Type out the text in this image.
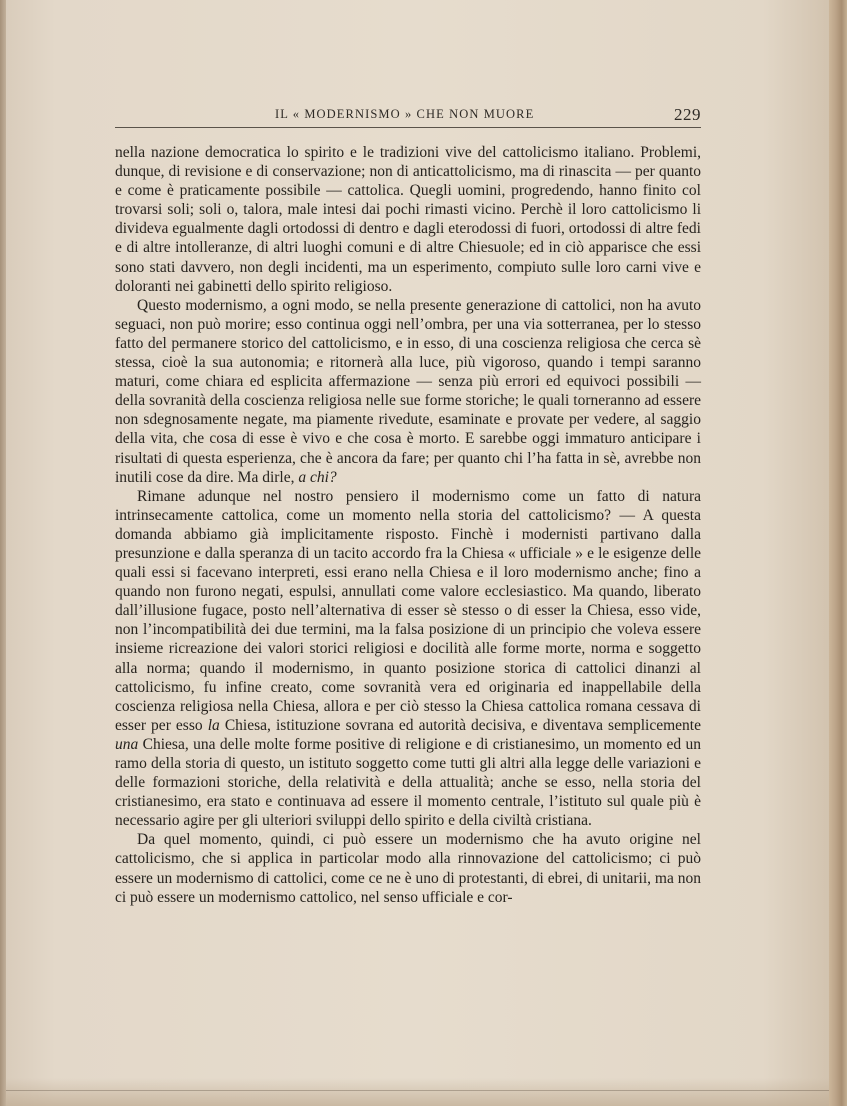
IL « MODERNISMO » CHE NON MUORE	229

nella nazione democratica lo spirito e le tradizioni vive del cattolicismo italiano. Problemi, dunque, di revisione e di conservazione; non di anticattolicismo, ma di rinascita — per quanto e come è praticamente possibile — cattolica. Quegli uomini, progredendo, hanno finito col trovarsi soli; soli o, talora, male intesi dai pochi rimasti vicino. Perchè il loro cattolicismo li divideva egualmente dagli ortodossi di dentro e dagli eterodossi di fuori, ortodossi di altre fedi e di altre intolleranze, di altri luoghi comuni e di altre Chiesuole; ed in ciò apparisce che essi sono stati davvero, non degli incidenti, ma un esperimento, compiuto sulle loro carni vive e doloranti nei gabinetti dello spirito religioso.

Questo modernismo, a ogni modo, se nella presente generazione di cattolici, non ha avuto seguaci, non può morire; esso continua oggi nell’ombra, per una via sotterranea, per lo stesso fatto del permanere storico del cattolicismo, e in esso, di una coscienza religiosa che cerca sè stessa, cioè la sua autonomia; e ritornerà alla luce, più vigoroso, quando i tempi saranno maturi, come chiara ed esplicita affermazione — senza più errori ed equivoci possibili — della sovranità della coscienza religiosa nelle sue forme storiche; le quali torneranno ad essere non sdegnosamente negate, ma piamente rivedute, esaminate e provate per vedere, al saggio della vita, che cosa di esse è vivo e che cosa è morto. E sarebbe oggi immaturo anticipare i risultati di questa esperienza, che è ancora da fare; per quanto chi l’ha fatta in sè, avrebbe non inutili cose da dire. Ma dirle, a chi?

Rimane adunque nel nostro pensiero il modernismo come un fatto di natura intrinsecamente cattolica, come un momento nella storia del cattolicismo? — A questa domanda abbiamo già implicitamente risposto. Finchè i modernisti partivano dalla presunzione e dalla speranza di un tacito accordo fra la Chiesa « ufficiale » e le esigenze delle quali essi si facevano interpreti, essi erano nella Chiesa e il loro modernismo anche; fino a quando non furono negati, espulsi, annullati come valore ecclesiastico. Ma quando, liberato dall’illusione fugace, posto nell’alternativa di esser sè stesso o di esser la Chiesa, esso vide, non l’incompatibilità dei due termini, ma la falsa posizione di un principio che voleva essere insieme ricreazione dei valori storici religiosi e docilità alle forme morte, norma e soggetto alla norma; quando il modernismo, in quanto posizione storica di cattolici dinanzi al cattolicismo, fu infine creato, come sovranità vera ed originaria ed inappellabile della coscienza religiosa nella Chiesa, allora e per ciò stesso la Chiesa cattolica romana cessava di esser per esso la Chiesa, istituzione sovrana ed autorità decisiva, e diventava semplicemente una Chiesa, una delle molte forme positive di religione e di cristianesimo, un momento ed un ramo della storia di questo, un istituto soggetto come tutti gli altri alla legge delle variazioni e delle formazioni storiche, della relatività e della attualità; anche se esso, nella storia del cristianesimo, era stato e continuava ad essere il momento centrale, l’istituto sul quale più è necessario agire per gli ulteriori sviluppi dello spirito e della civiltà cristiana.

Da quel momento, quindi, ci può essere un modernismo che ha avuto origine nel cattolicismo, che si applica in particolar modo alla rinnovazione del cattolicismo; ci può essere un modernismo di cattolici, come ce ne è uno di protestanti, di ebrei, di unitarii, ma non ci può essere un modernismo cattolico, nel senso ufficiale e cor-
